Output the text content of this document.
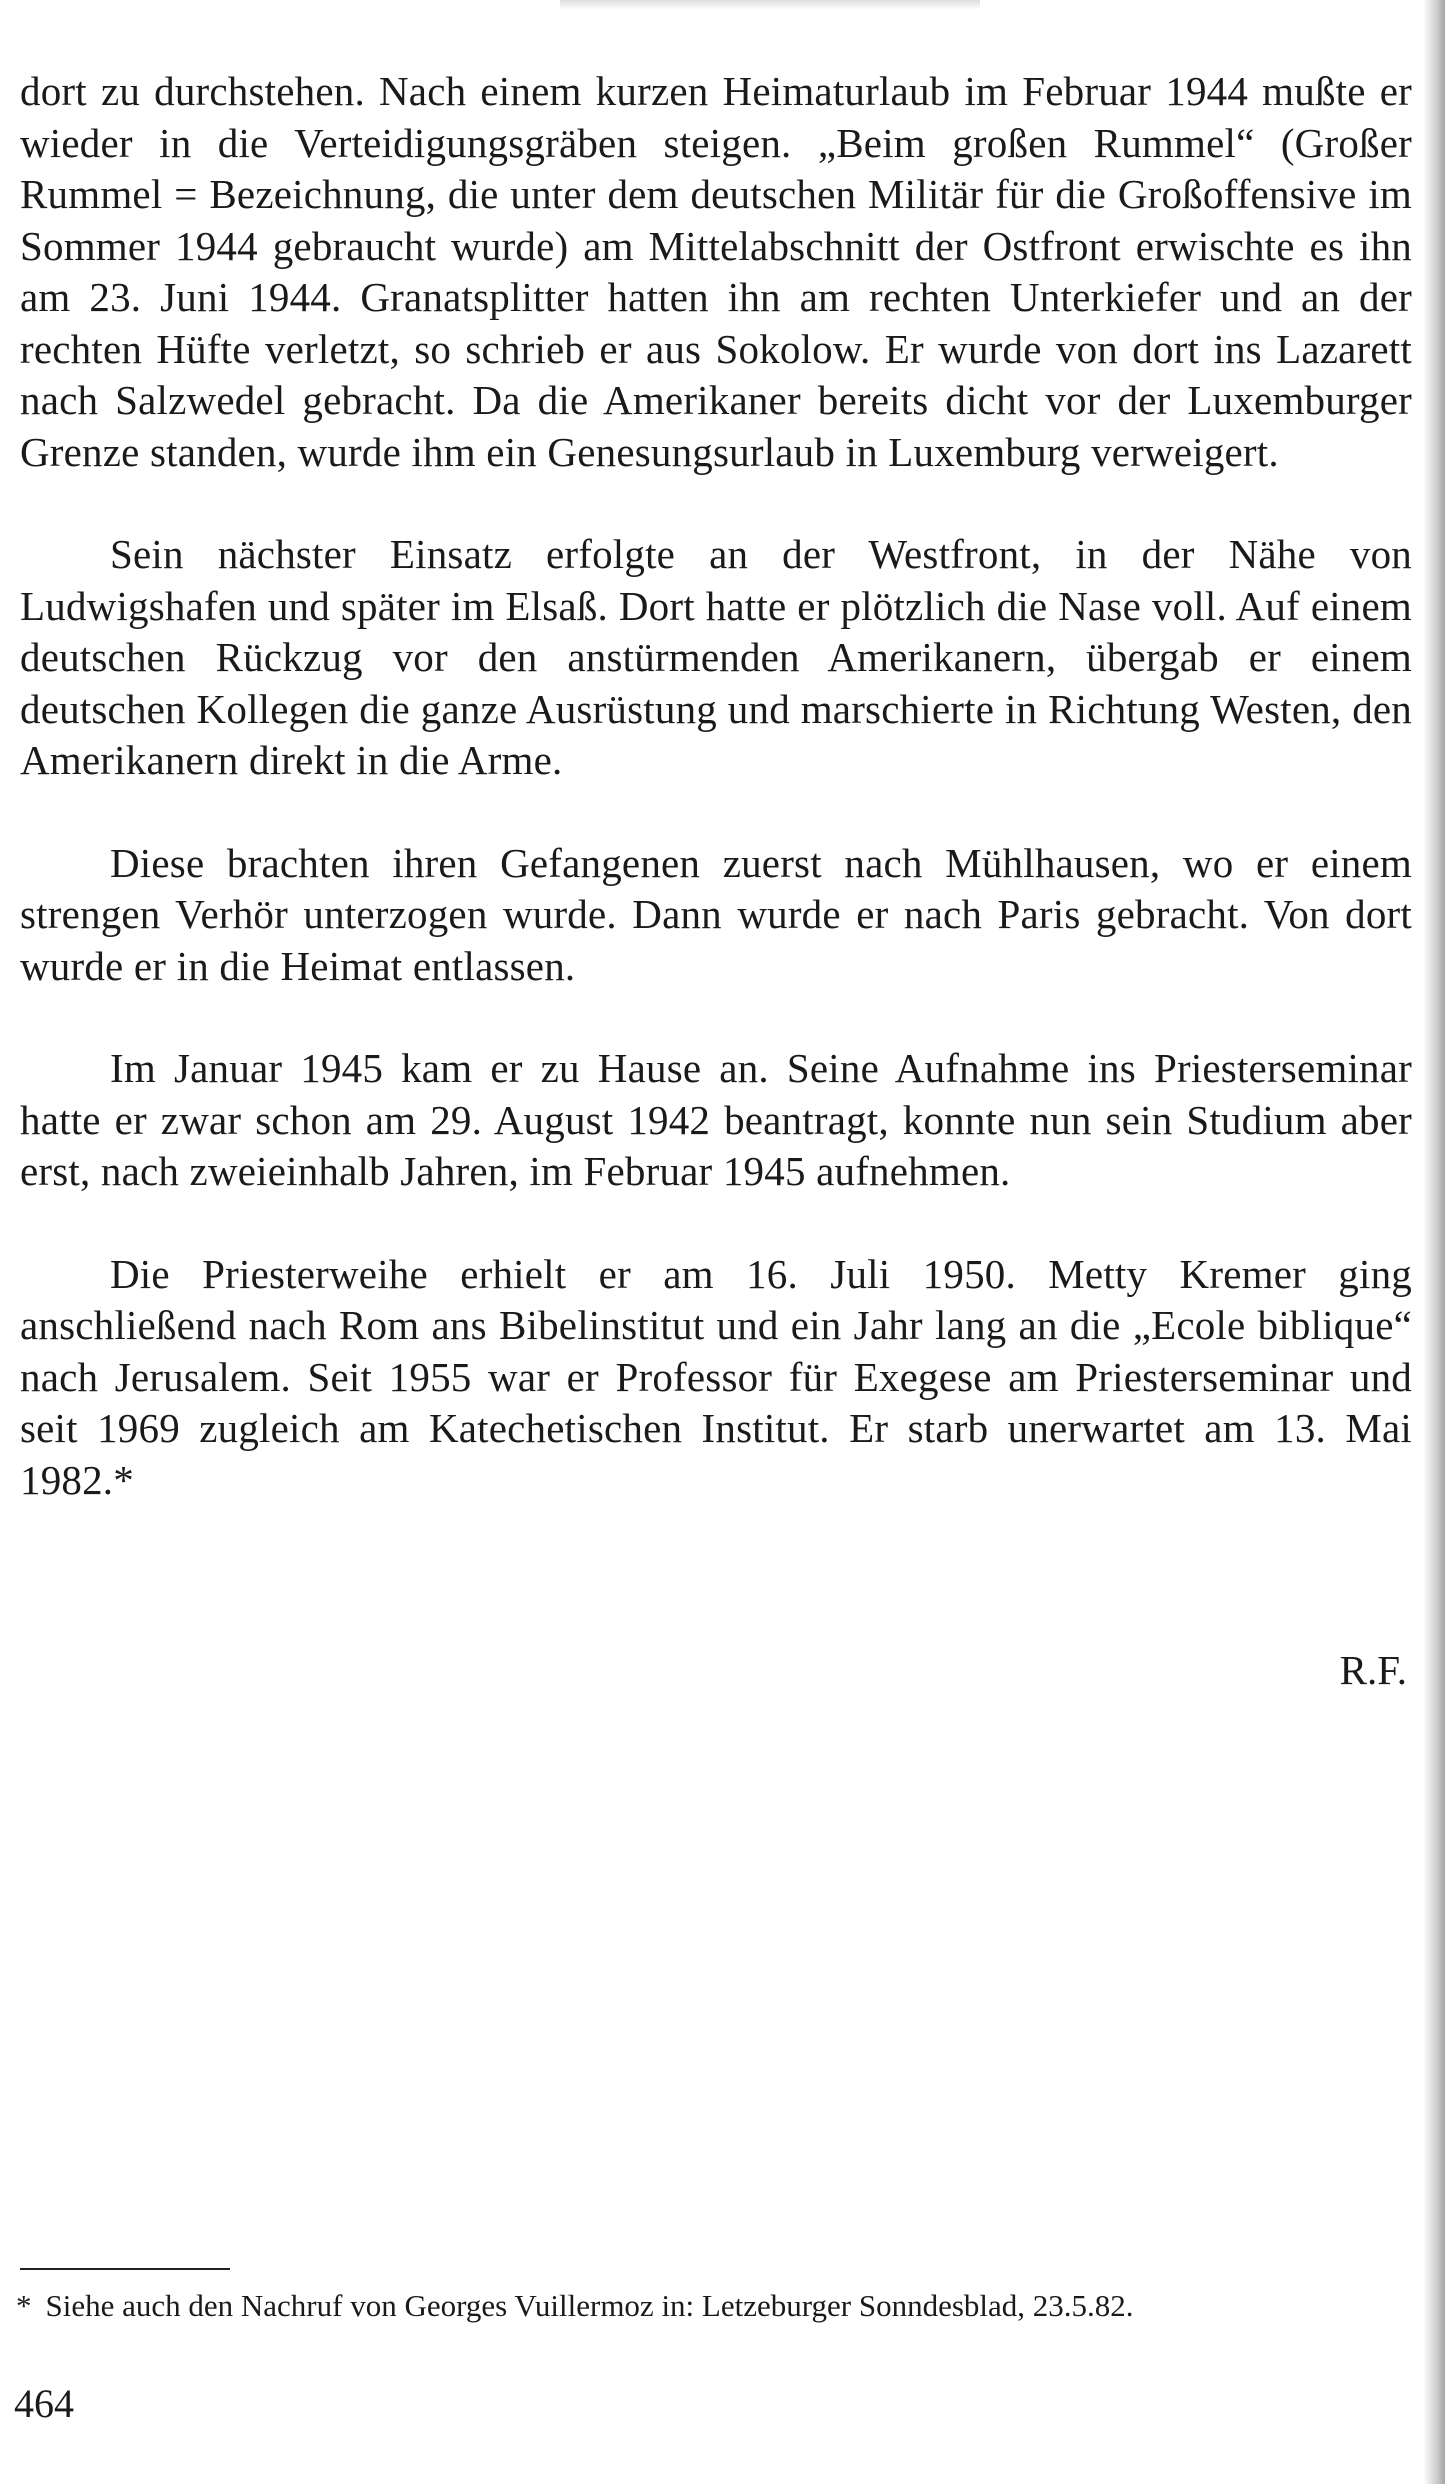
dort zu durchstehen. Nach einem kurzen Heimaturlaub im Februar 1944 mußte er wieder in die Verteidigungsgräben steigen. „Beim großen Rummel“ (Großer Rummel = Bezeichnung, die unter dem deutschen Militär für die Großoffensive im Sommer 1944 gebraucht wurde) am Mittelabschnitt der Ostfront erwischte es ihn am 23. Juni 1944. Granatsplitter hatten ihn am rechten Unterkiefer und an der rechten Hüfte verletzt, so schrieb er aus Sokolow. Er wurde von dort ins Lazarett nach Salzwedel gebracht. Da die Amerikaner bereits dicht vor der Luxemburger Grenze standen, wurde ihm ein Genesungsurlaub in Luxemburg verweigert.

Sein nächster Einsatz erfolgte an der Westfront, in der Nähe von Ludwigshafen und später im Elsaß. Dort hatte er plötzlich die Nase voll. Auf einem deutschen Rückzug vor den anstürmenden Amerikanern, übergab er einem deutschen Kollegen die ganze Ausrüstung und marschierte in Richtung Westen, den Amerikanern direkt in die Arme.

Diese brachten ihren Gefangenen zuerst nach Mühlhausen, wo er einem strengen Verhör unterzogen wurde. Dann wurde er nach Paris gebracht. Von dort wurde er in die Heimat entlassen.

Im Januar 1945 kam er zu Hause an. Seine Aufnahme ins Priesterseminar hatte er zwar schon am 29. August 1942 beantragt, konnte nun sein Studium aber erst, nach zweieinhalb Jahren, im Februar 1945 aufnehmen.

Die Priesterweihe erhielt er am 16. Juli 1950. Metty Kremer ging anschließend nach Rom ans Bibelinstitut und ein Jahr lang an die „Ecole biblique“ nach Jerusalem. Seit 1955 war er Professor für Exegese am Priesterseminar und seit 1969 zugleich am Katechetischen Institut. Er starb unerwartet am 13. Mai 1982.*

R.F.

* Siehe auch den Nachruf von Georges Vuillermoz in: Letzeburger Sonndesblad, 23.5.82.

464
